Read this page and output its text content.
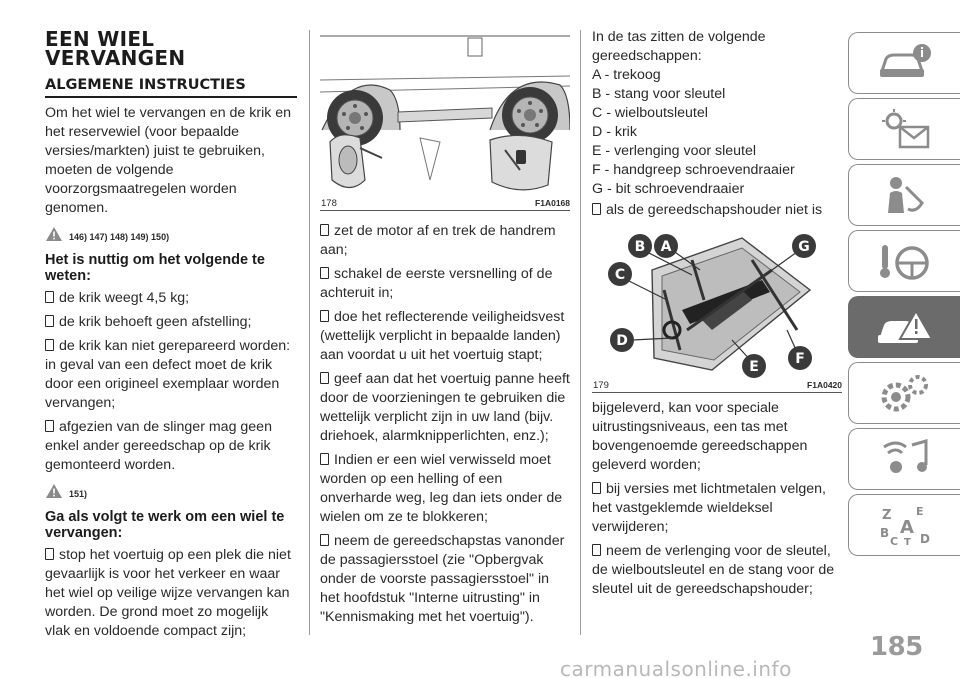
EEN WIEL
VERVANGEN
ALGEMENE INSTRUCTIES

Om het wiel te vervangen en de krik en het reservewiel (voor bepaalde versies/markten) juist te gebruiken, moeten de volgende voorzorgsmaatregelen worden genomen.

146) 147) 148) 149) 150)
Het is nuttig om het volgende te weten:
de krik weegt 4,5 kg;
de krik behoeft geen afstelling;
de krik kan niet gerepareerd worden: in geval van een defect moet de krik door een origineel exemplaar worden vervangen;
afgezien van de slinger mag geen enkel ander gereedschap op de krik gemonteerd worden.
151)
Ga als volgt te werk om een wiel te vervangen:
stop het voertuig op een plek die niet gevaarlijk is voor het verkeer en waar het wiel op veilige wijze vervangen kan worden. De grond moet zo mogelijk vlak en voldoende compact zijn;
178	F1A0168
zet de motor af en trek de handrem aan;
schakel de eerste versnelling of de achteruit in;
doe het reflecterende veiligheidsvest (wettelijk verplicht in bepaalde landen) aan voordat u uit het voertuig stapt;
geef aan dat het voertuig panne heeft door de voorzieningen te gebruiken die wettelijk verplicht zijn in uw land (bijv. driehoek, alarmknipperlichten, enz.);
Indien er een wiel verwisseld moet worden op een helling of een onverharde weg, leg dan iets onder de wielen om ze te blokkeren;
neem de gereedschapstas vanonder de passagiersstoel (zie "Opbergvak onder de voorste passagiersstoel" in het hoofdstuk "Interne uitrusting" in "Kennismaking met het voertuig").

In de tas zitten de volgende gereedschappen:

A - trekoog

B - stang voor sleutel

C - wielboutsleutel

D - krik

E - verlenging voor sleutel

F - handgreep schroevendraaier

G - bit schroevendraaier

als de gereedschapshouder niet is
B A	G
C
D
E	F
179	F1A0420

bijgeleverd, kan voor speciale uitrustingsniveaus, een tas met bovengenoemde gereedschappen geleverd worden;

bij versies met lichtmetalen velgen, het vastgeklemde wieldeksel verwijderen;
neem de verlenging voor de sleutel, de wielboutsleutel en de stang voor de sleutel uit de gereedschapshouder;
Z E
A
B
C T D
185
carmanualsonline.info
